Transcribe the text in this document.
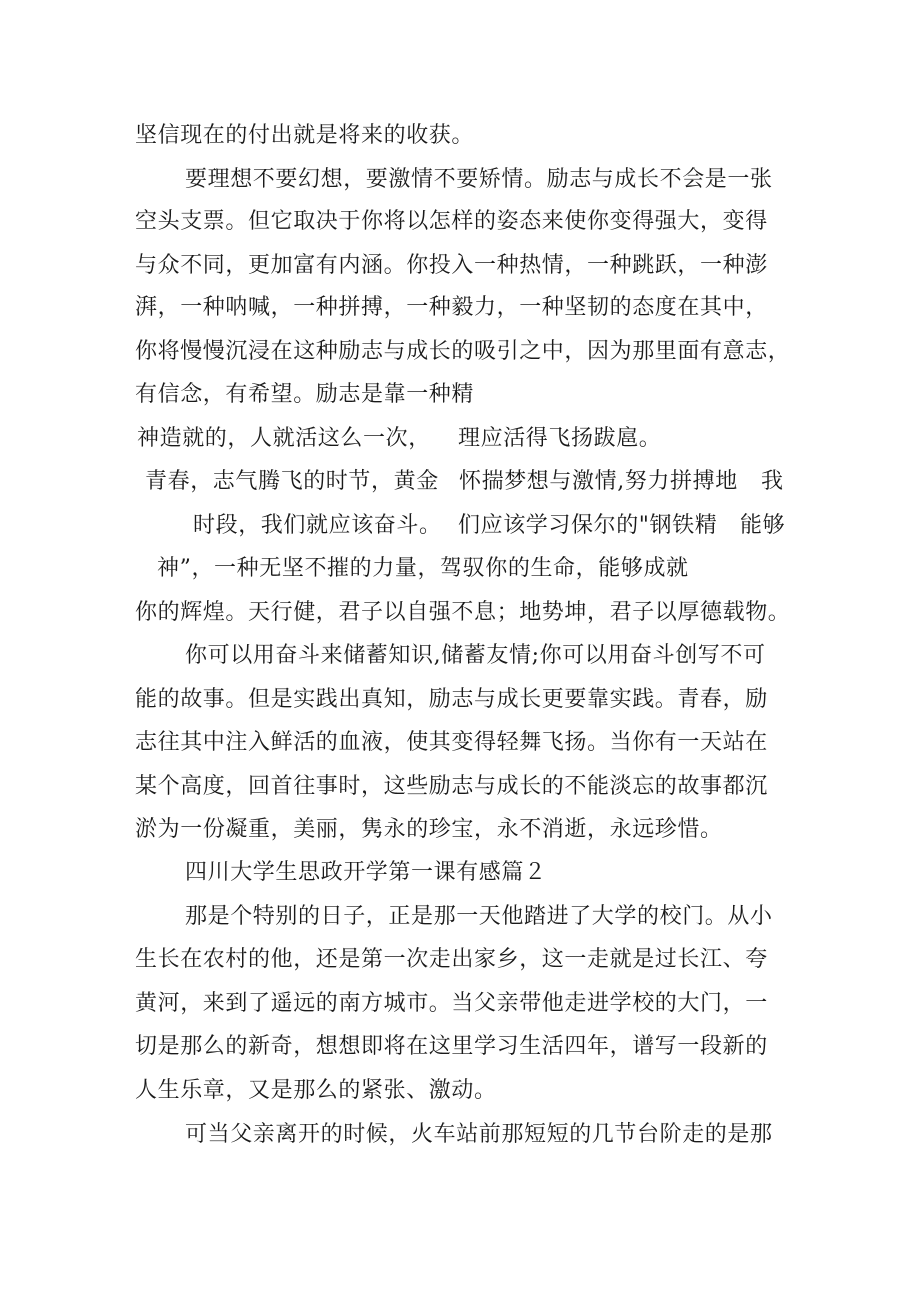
坚信现在的付出就是将来的收获。

要理想不要幻想，要激情不要矫情。励志与成长不会是一张

空头支票。但它取决于你将以怎样的姿态来使你变得强大，变得

与众不同，更加富有内涵。你投入一种热情，一种跳跃，一种澎

湃，一种呐喊，一种拼搏，一种毅力，一种坚韧的态度在其中，

你将慢慢沉浸在这种励志与成长的吸引之中，因为那里面有意志，

有信念，有希望。励志是靠一种精

神造就的，人就活这么一次， 理应活得飞扬跋扈。

青春，志气腾飞的时节，黄金 怀揣梦想与激情,努力拼搏地 我

时段，我们就应该奋斗。 们应该学习保尔的"钢铁精 能够

神”，一种无坚不摧的力量，驾驭你的生命，能够成就

你的辉煌。天行健，君子以自强不息；地势坤，君子以厚德载物。

你可以用奋斗来储蓄知识,储蓄友情;你可以用奋斗创写不可

能的故事。但是实践出真知，励志与成长更要靠实践。青春，励

志往其中注入鲜活的血液，使其变得轻舞飞扬。当你有一天站在

某个高度，回首往事时，这些励志与成长的不能淡忘的故事都沉

淤为一份凝重，美丽，隽永的珍宝，永不消逝，永远珍惜。

四川大学生思政开学第一课有感篇２

那是个特别的日子，正是那一天他踏进了大学的校门。从小

生长在农村的他，还是第一次走出家乡，这一走就是过长江、夸

黄河，来到了遥远的南方城市。当父亲带他走进学校的大门，一

切是那么的新奇，想想即将在这里学习生活四年，谱写一段新的

人生乐章，又是那么的紧张、激动。

可当父亲离开的时候，火车站前那短短的几节台阶走的是那
